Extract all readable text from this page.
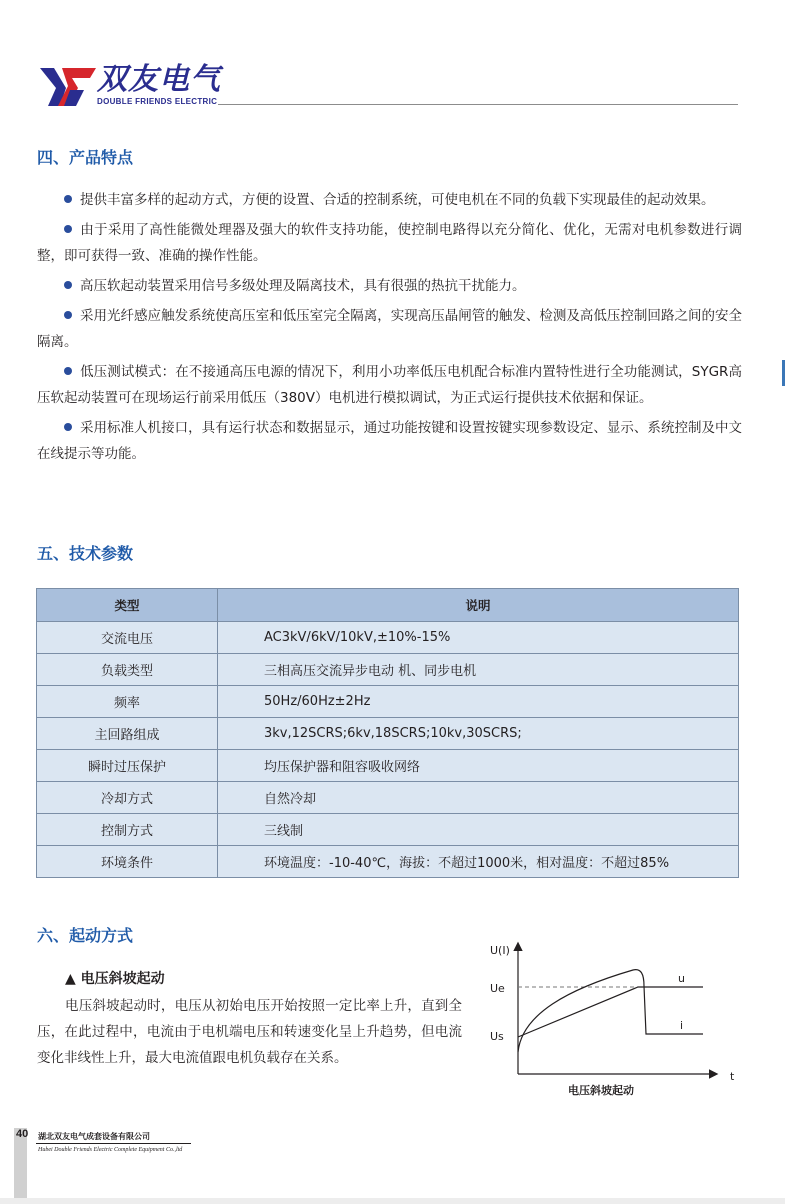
双友电气
DOUBLE FRIENDS ELECTRIC
四、产品特点

提供丰富多样的起动方式，方便的设置、合适的控制系统，可使电机在不同的负载下实现最佳的起动效果。

由于采用了高性能微处理器及强大的软件支持功能，使控制电路得以充分简化、优化，无需对电机参数进行调整，即可获得一致、准确的操作性能。

高压软起动装置采用信号多级处理及隔离技术，具有很强的热抗干扰能力。

采用光纤感应触发系统使高压室和低压室完全隔离，实现高压晶闸管的触发、检测及高低压控制回路之间的安全隔离。

低压测试模式：在不接通高压电源的情况下，利用小功率低压电机配合标准内置特性进行全功能测试，SYGR高压软起动装置可在现场运行前采用低压（380V）电机进行模拟调试，为正式运行提供技术依据和保证。

采用标准人机接口，具有运行状态和数据显示，通过功能按键和设置按键实现参数设定、显示、系统控制及中文在线提示等功能。

五、技术参数
类型	说明
交流电压	AC3kV/6kV/10kV,±10%-15%
负载类型	三相高压交流异步电动 机、同步电机
频率	50Hz/60Hz±2Hz
主回路组成	3kv,12SCRS;6kv,18SCRS;10kv,30SCRS;
瞬时过压保护	均压保护器和阻容吸收网络
冷却方式	自然冷却
控制方式	三线制
环境条件	环境温度：-10-40℃，海拔：不超过1000米，相对温度：不超过85%
六、起动方式
▲ 电压斜坡起动

电压斜坡起动时，电压从初始电压开始按照一定比率上升，直到全压，在此过程中，电流由于电机端电压和转速变化呈上升趋势，但电流变化非线性上升，最大电流值跟电机负载存在关系。

U(I)
t
Ue
Us
u
i
电压斜坡起动
40 湖北双友电气成套设备有限公司
Hubei Double Friends Electric Complete Equipment Co.,ltd
